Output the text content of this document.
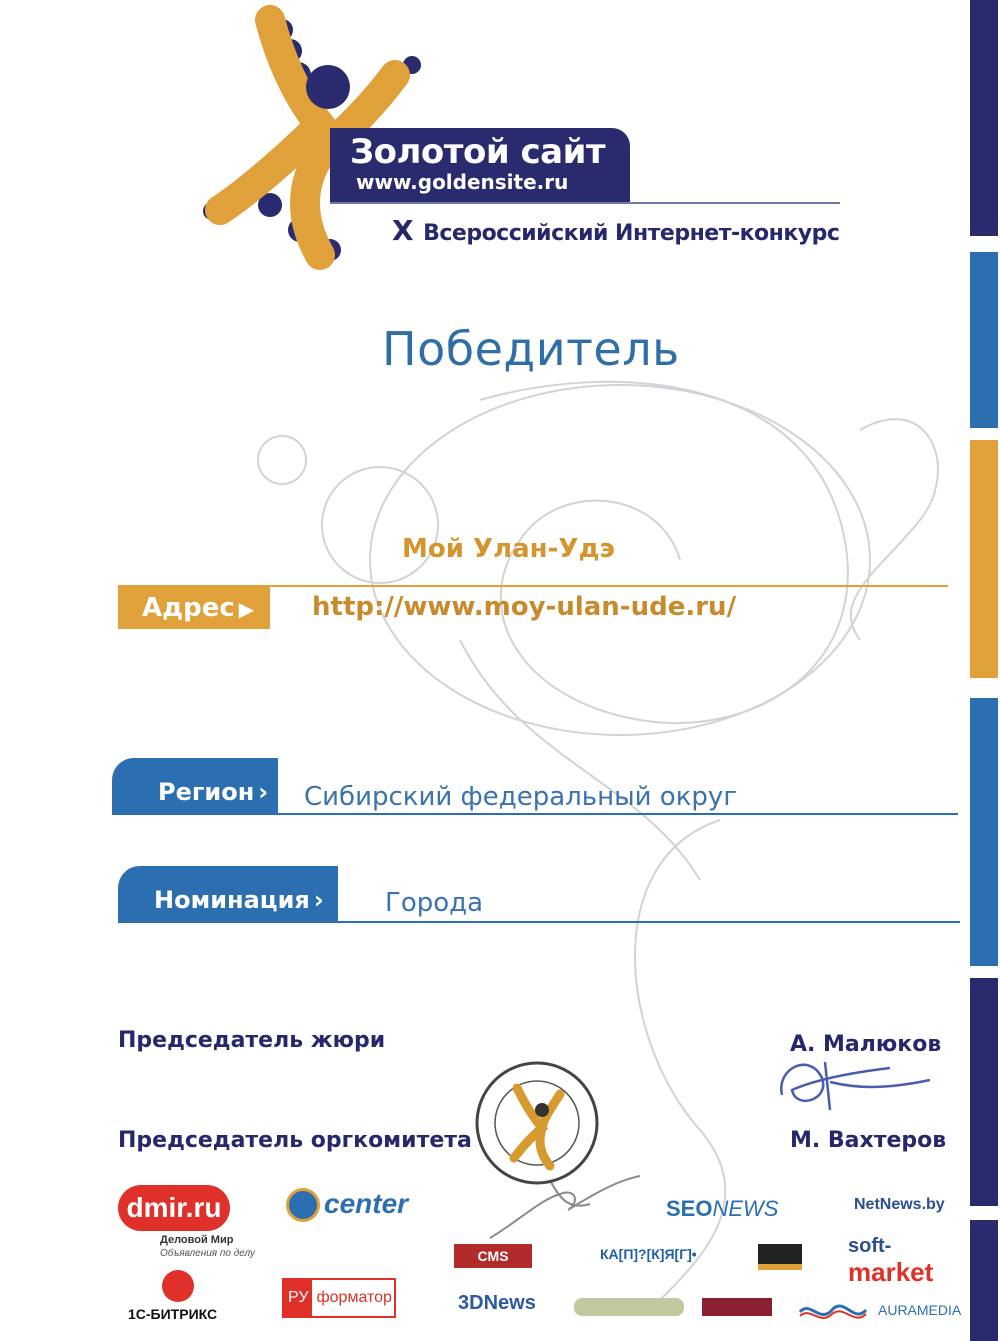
Золотой сайт
www.goldensite.ru
X Всероссийский Интернет-конкурс
Победитель
Мой Улан-Удэ
Адрес ▶ http://www.moy-ulan-ude.ru/
Регион › Сибирский федеральный округ
Номинация › Города
Председатель жюри	А. Малюков
Председатель оргкомитета	М. Вахтеров
dmir.ru
Деловой Мир
Объявления по делу
center
1С-БИТРИКС
РУ форматор
CMS
3DNews
SEONEWS
КА[П]?[К]Я[Г]•
NetNews.by
soft-
market
AURAMEDIA
